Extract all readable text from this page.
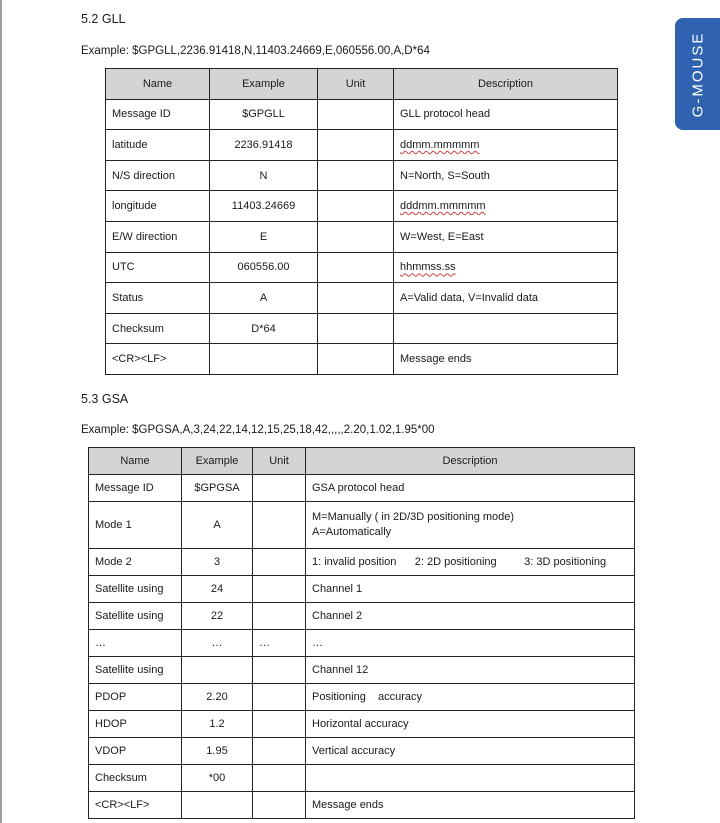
G-MOUSE
5.2 GLL
Example: $GPGLL,2236.91418,N,11403.24669,E,060556.00,A,D*64
Name	Example	Unit	Description
Message ID	$GPGLL		GLL protocol head
latitude	2236.91418		ddmm.mmmmm
N/S direction	N		N=North, S=South
longitude	11403.24669		dddmm.mmmmm
E/W direction	E		W=West, E=East
UTC	060556.00		hhmmss.ss
Status	A		A=Valid data, V=Invalid data
Checksum	D*64		
<CR><LF>			Message ends
5.3 GSA
Example: $GPGSA,A,3,24,22,14,12,15,25,18,42,,,,,2.20,1.02,1.95*00
Name	Example	Unit	Description
Message ID	$GPGSA		GSA protocol head
Mode 1	A		M=Manually ( in 2D/3D positioning mode)
A=Automatically
Mode 2	3		1: invalid position      2: 2D positioning         3: 3D positioning
Satellite using	24		Channel 1
Satellite using	22		Channel 2
…	…	…	…
Satellite using			Channel 12
PDOP	2.20		Positioning    accuracy
HDOP	1.2		Horizontal accuracy
VDOP	1.95		Vertical accuracy
Checksum	*00		
<CR><LF>			Message ends
